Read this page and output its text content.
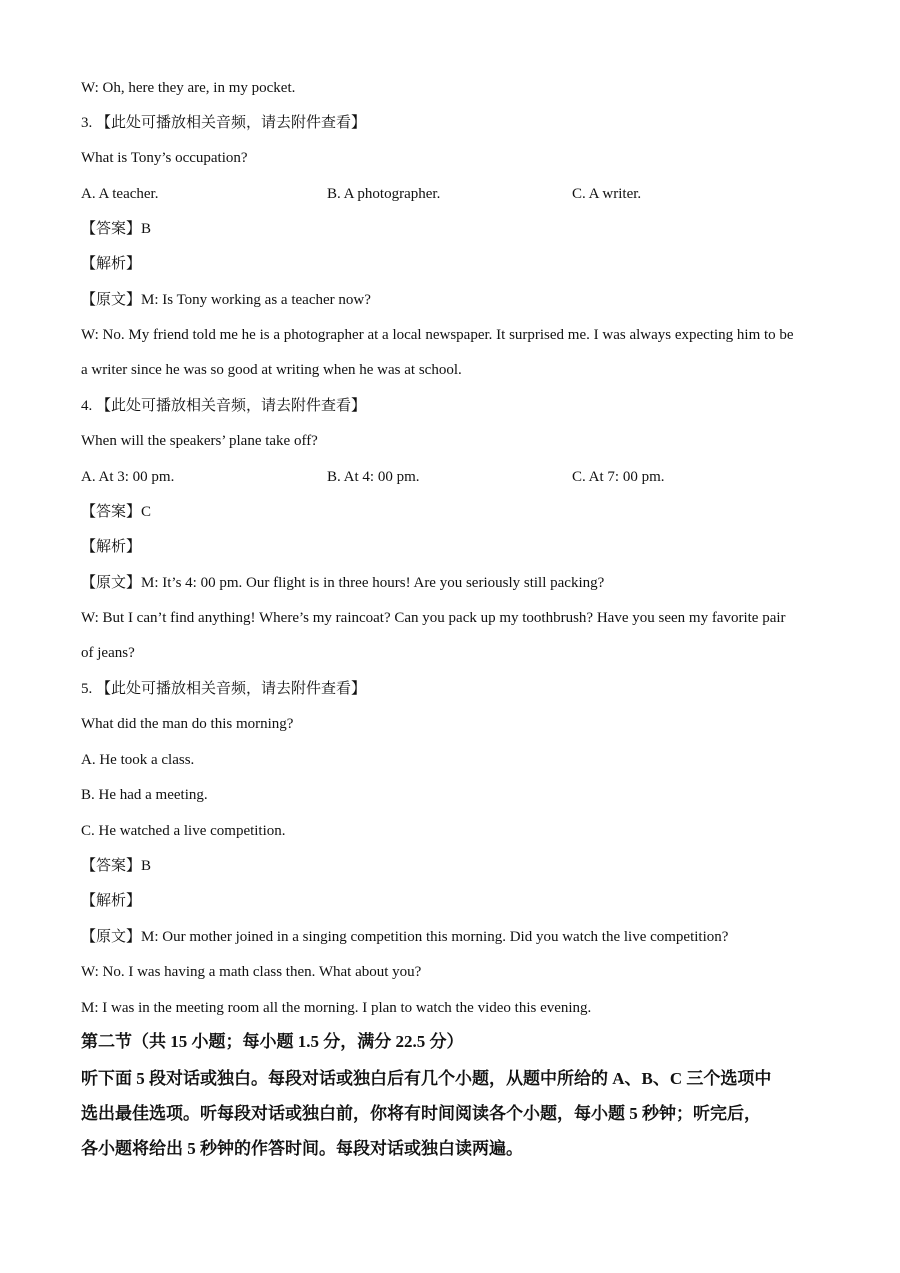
W: Oh, here they are, in my pocket.
3. 【此处可播放相关音频，请去附件查看】
What is Tony’s occupation?
A. A teacher.	B. A photographer.	C. A writer.
【答案】B
【解析】
【原文】M: Is Tony working as a teacher now?
W: No. My friend told me he is a photographer at a local newspaper. It surprised me. I was always expecting him to be
a writer since he was so good at writing when he was at school.
4. 【此处可播放相关音频，请去附件查看】
When will the speakers’ plane take off?
A. At 3: 00 pm.	B. At 4: 00 pm.	C. At 7: 00 pm.
【答案】C
【解析】
【原文】M: It’s 4: 00 pm. Our flight is in three hours! Are you seriously still packing?
W: But I can’t find anything! Where’s my raincoat? Can you pack up my toothbrush? Have you seen my favorite pair
of jeans?
5. 【此处可播放相关音频，请去附件查看】
What did the man do this morning?
A. He took a class.
B. He had a meeting.
C. He watched a live competition.
【答案】B
【解析】
【原文】M: Our mother joined in a singing competition this morning. Did you watch the live competition?
W: No. I was having a math class then. What about you?
M: I was in the meeting room all the morning. I plan to watch the video this evening.
第二节（共 15 小题；每小题 1.5 分，满分 22.5 分）
听下面 5 段对话或独白。每段对话或独白后有几个小题，从题中所给的 A、B、C 三个选项中
选出最佳选项。听每段对话或独白前，你将有时间阅读各个小题，每小题 5 秒钟；听完后，
各小题将给出 5 秒钟的作答时间。每段对话或独白读两遍。
